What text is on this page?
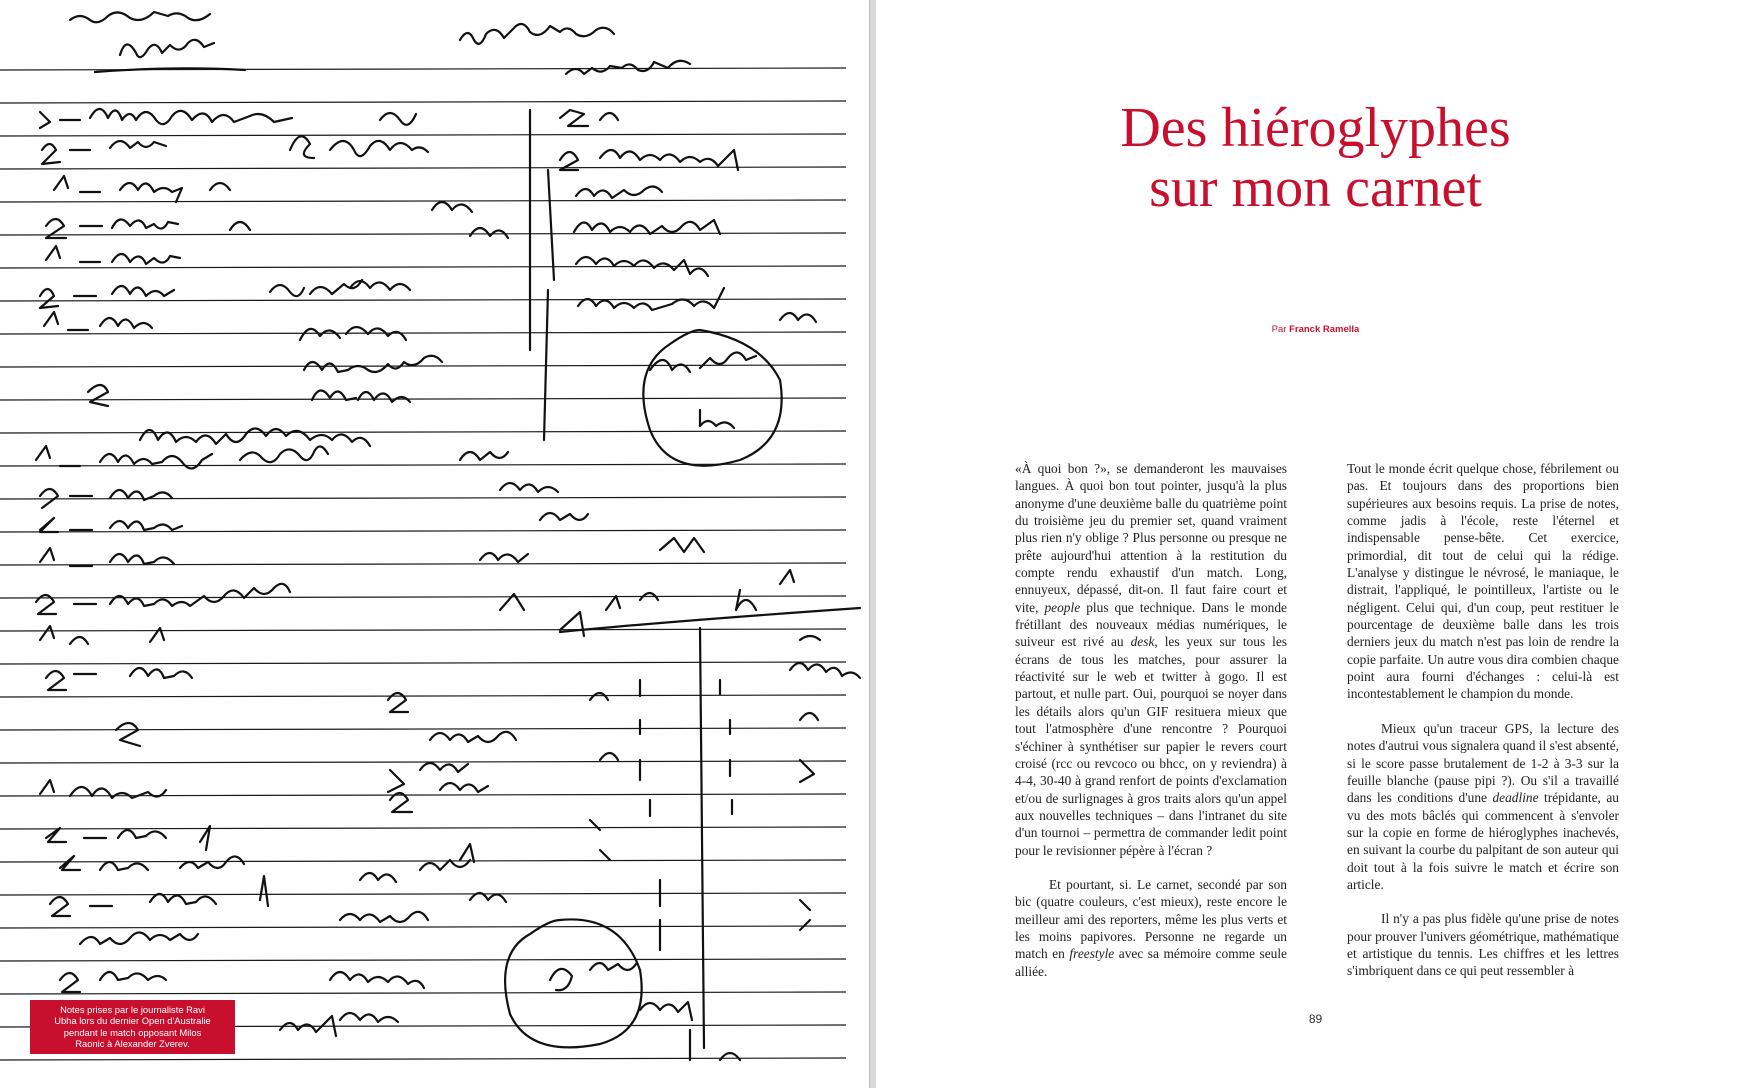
Notes prises par le journaliste Ravi
Ubha lors du dernier Open d'Australie
pendant le match opposant Milos
Raonic à Alexander Zverev.
Des hiéroglyphes
sur mon carnet
Par Franck Ramella

«À quoi bon ?», se demanderont les mauvaises langues. À quoi bon tout pointer, jusqu'à la plus anonyme d'une deuxième balle du quatrième point du troisième jeu du premier set, quand vraiment plus rien n'y oblige ? Plus personne ou presque ne prête aujourd'hui attention à la restitution du compte rendu exhaustif d'un match. Long, ennuyeux, dépassé, dit-on. Il faut faire court et vite, people plus que technique. Dans le monde frétillant des nouveaux médias numériques, le suiveur est rivé au desk, les yeux sur tous les écrans de tous les matches, pour assurer la réactivité sur le web et twitter à gogo. Il est partout, et nulle part. Oui, pourquoi se noyer dans les détails alors qu'un GIF resituera mieux que tout l'atmosphère d'une rencontre ? Pourquoi s'échiner à synthétiser sur papier le revers court croisé (rcc ou revcoco ou bhcc, on y reviendra) à 4-4, 30-40 à grand renfort de points d'exclamation et/ou de surlignages à gros traits alors qu'un appel aux nouvelles techniques – dans l'intranet du site d'un tournoi – permettra de commander ledit point pour le revisionner pépère à l'écran ?

Et pourtant, si. Le carnet, secondé par son bic (quatre couleurs, c'est mieux), reste encore le meilleur ami des reporters, même les plus verts et les moins papivores. Personne ne regarde un match en freestyle avec sa mémoire comme seule alliée.

Tout le monde écrit quelque chose, fébrilement ou pas. Et toujours dans des proportions bien supérieures aux besoins requis. La prise de notes, comme jadis à l'école, reste l'éternel et indispensable pense-bête. Cet exercice, primordial, dit tout de celui qui la rédige. L'analyse y distingue le névrosé, le maniaque, le distrait, l'appliqué, le pointilleux, l'artiste ou le négligent. Celui qui, d'un coup, peut restituer le pourcentage de deuxième balle dans les trois derniers jeux du match n'est pas loin de rendre la copie parfaite. Un autre vous dira combien chaque point aura fourni d'échanges : celui-là est incontestablement le champion du monde.

Mieux qu'un traceur GPS, la lecture des notes d'autrui vous signalera quand il s'est absenté, si le score passe brutalement de 1-2 à 3-3 sur la feuille blanche (pause pipi ?). Ou s'il a travaillé dans les conditions d'une deadline trépidante, au vu des mots bâclés qui commencent à s'envoler sur la copie en forme de hiéroglyphes inachevés, en suivant la courbe du palpitant de son auteur qui doit tout à la fois suivre le match et écrire son article.

Il n'y a pas plus fidèle qu'une prise de notes pour prouver l'univers géométrique, mathématique et artistique du tennis. Les chiffres et les lettres s'imbriquent dans ce qui peut ressembler à

89
